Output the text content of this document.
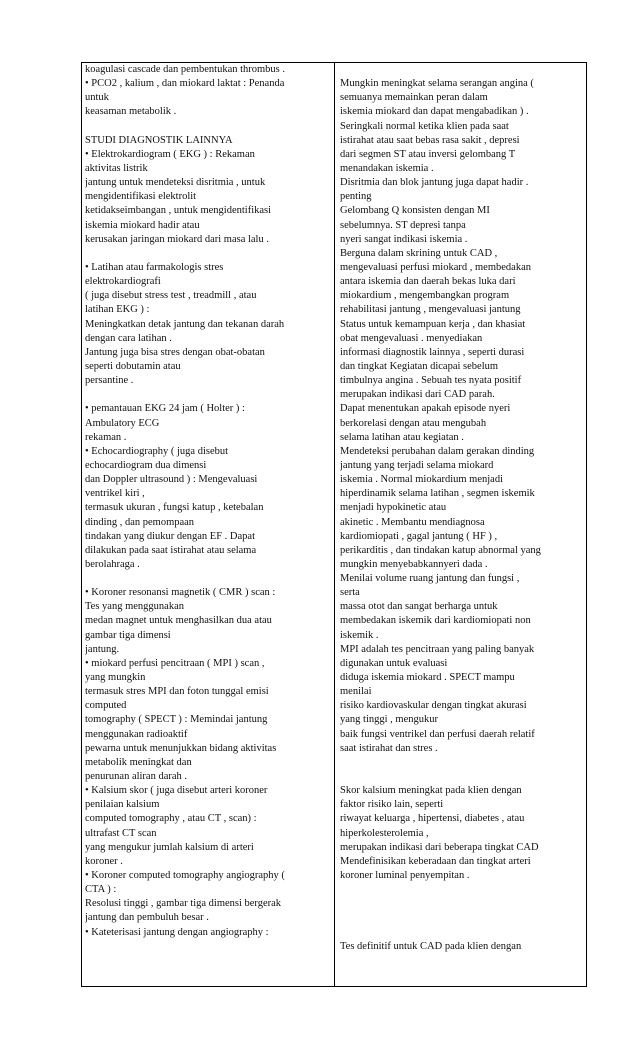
koagulasi cascade dan pembentukan thrombus .
• PCO2 , kalium , dan miokard laktat : Penanda
untuk
keasaman metabolik .
STUDI DIAGNOSTIK LAINNYA
• Elektrokardiogram ( EKG ) : Rekaman
aktivitas listrik
jantung untuk mendeteksi disritmia , untuk
mengidentifikasi elektrolit
ketidakseimbangan , untuk mengidentifikasi
iskemia miokard hadir atau
kerusakan jaringan miokard dari masa lalu .
• Latihan atau farmakologis stres
elektrokardiografi
( juga disebut stress test , treadmill , atau
latihan EKG ) :
Meningkatkan detak jantung dan tekanan darah
dengan cara latihan .
Jantung juga bisa stres dengan obat-obatan
seperti dobutamin atau
persantine .
• pemantauan EKG 24 jam ( Holter ) :
Ambulatory ECG
rekaman .
• Echocardiography ( juga disebut
echocardiogram dua dimensi
dan Doppler ultrasound ) : Mengevaluasi
ventrikel kiri ,
termasuk ukuran , fungsi katup , ketebalan
dinding , dan pemompaan
tindakan yang diukur dengan EF . Dapat
dilakukan pada saat istirahat atau selama
berolahraga .
• Koroner resonansi magnetik ( CMR ) scan :
Tes yang menggunakan
medan magnet untuk menghasilkan dua atau
gambar tiga dimensi
jantung.
• miokard perfusi pencitraan ( MPI ) scan ,
yang mungkin
termasuk stres MPI dan foton tunggal emisi
computed
tomography ( SPECT ) : Memindai jantung
menggunakan radioaktif
pewarna untuk menunjukkan bidang aktivitas
metabolik meningkat dan
penurunan aliran darah .
• Kalsium skor ( juga disebut arteri koroner
penilaian kalsium
computed tomography , atau CT , scan) :
ultrafast CT scan
yang mengukur jumlah kalsium di arteri
koroner .
• Koroner computed tomography angiography (
CTA ) :
Resolusi tinggi , gambar tiga dimensi bergerak
jantung dan pembuluh besar .
• Kateterisasi jantung dengan angiography :
Mungkin meningkat selama serangan angina (
semuanya memainkan peran dalam
iskemia miokard dan dapat mengabadikan ) .
Seringkali normal ketika klien pada saat
istirahat atau saat bebas rasa sakit , depresi
dari segmen ST atau inversi gelombang T
menandakan iskemia .
Disritmia dan blok jantung juga dapat hadir .
penting
Gelombang Q konsisten dengan MI
sebelumnya. ST depresi tanpa
nyeri sangat indikasi iskemia .
Berguna dalam skrining untuk CAD ,
mengevaluasi perfusi miokard , membedakan
antara iskemia dan daerah bekas luka dari
miokardium , mengembangkan program
rehabilitasi jantung , mengevaluasi jantung
Status untuk kemampuan kerja , dan khasiat
obat mengevaluasi . menyediakan
informasi diagnostik lainnya , seperti durasi
dan tingkat Kegiatan dicapai sebelum
timbulnya angina . Sebuah tes nyata positif
merupakan indikasi dari CAD parah.
Dapat menentukan apakah episode nyeri
berkorelasi dengan atau mengubah
selama latihan atau kegiatan .
Mendeteksi perubahan dalam gerakan dinding
jantung yang terjadi selama miokard
iskemia . Normal miokardium menjadi
hiperdinamik selama latihan , segmen iskemik
menjadi hypokinetic atau
akinetic . Membantu mendiagnosa
kardiomiopati , gagal jantung ( HF ) ,
perikarditis , dan tindakan katup abnormal yang
mungkin menyebabkannyeri dada .
Menilai volume ruang jantung dan fungsi ,
serta
massa otot dan sangat berharga untuk
membedakan iskemik dari kardiomiopati non
iskemik .
MPI adalah tes pencitraan yang paling banyak
digunakan untuk evaluasi
diduga iskemia miokard . SPECT mampu
menilai
risiko kardiovaskular dengan tingkat akurasi
yang tinggi , mengukur
baik fungsi ventrikel dan perfusi daerah relatif
saat istirahat dan stres .
Skor kalsium meningkat pada klien dengan
faktor risiko lain, seperti
riwayat keluarga , hipertensi, diabetes , atau
hiperkolesterolemia ,
merupakan indikasi dari beberapa tingkat CAD
Mendefinisikan keberadaan dan tingkat arteri
koroner luminal penyempitan .
Tes definitif untuk CAD pada klien dengan
